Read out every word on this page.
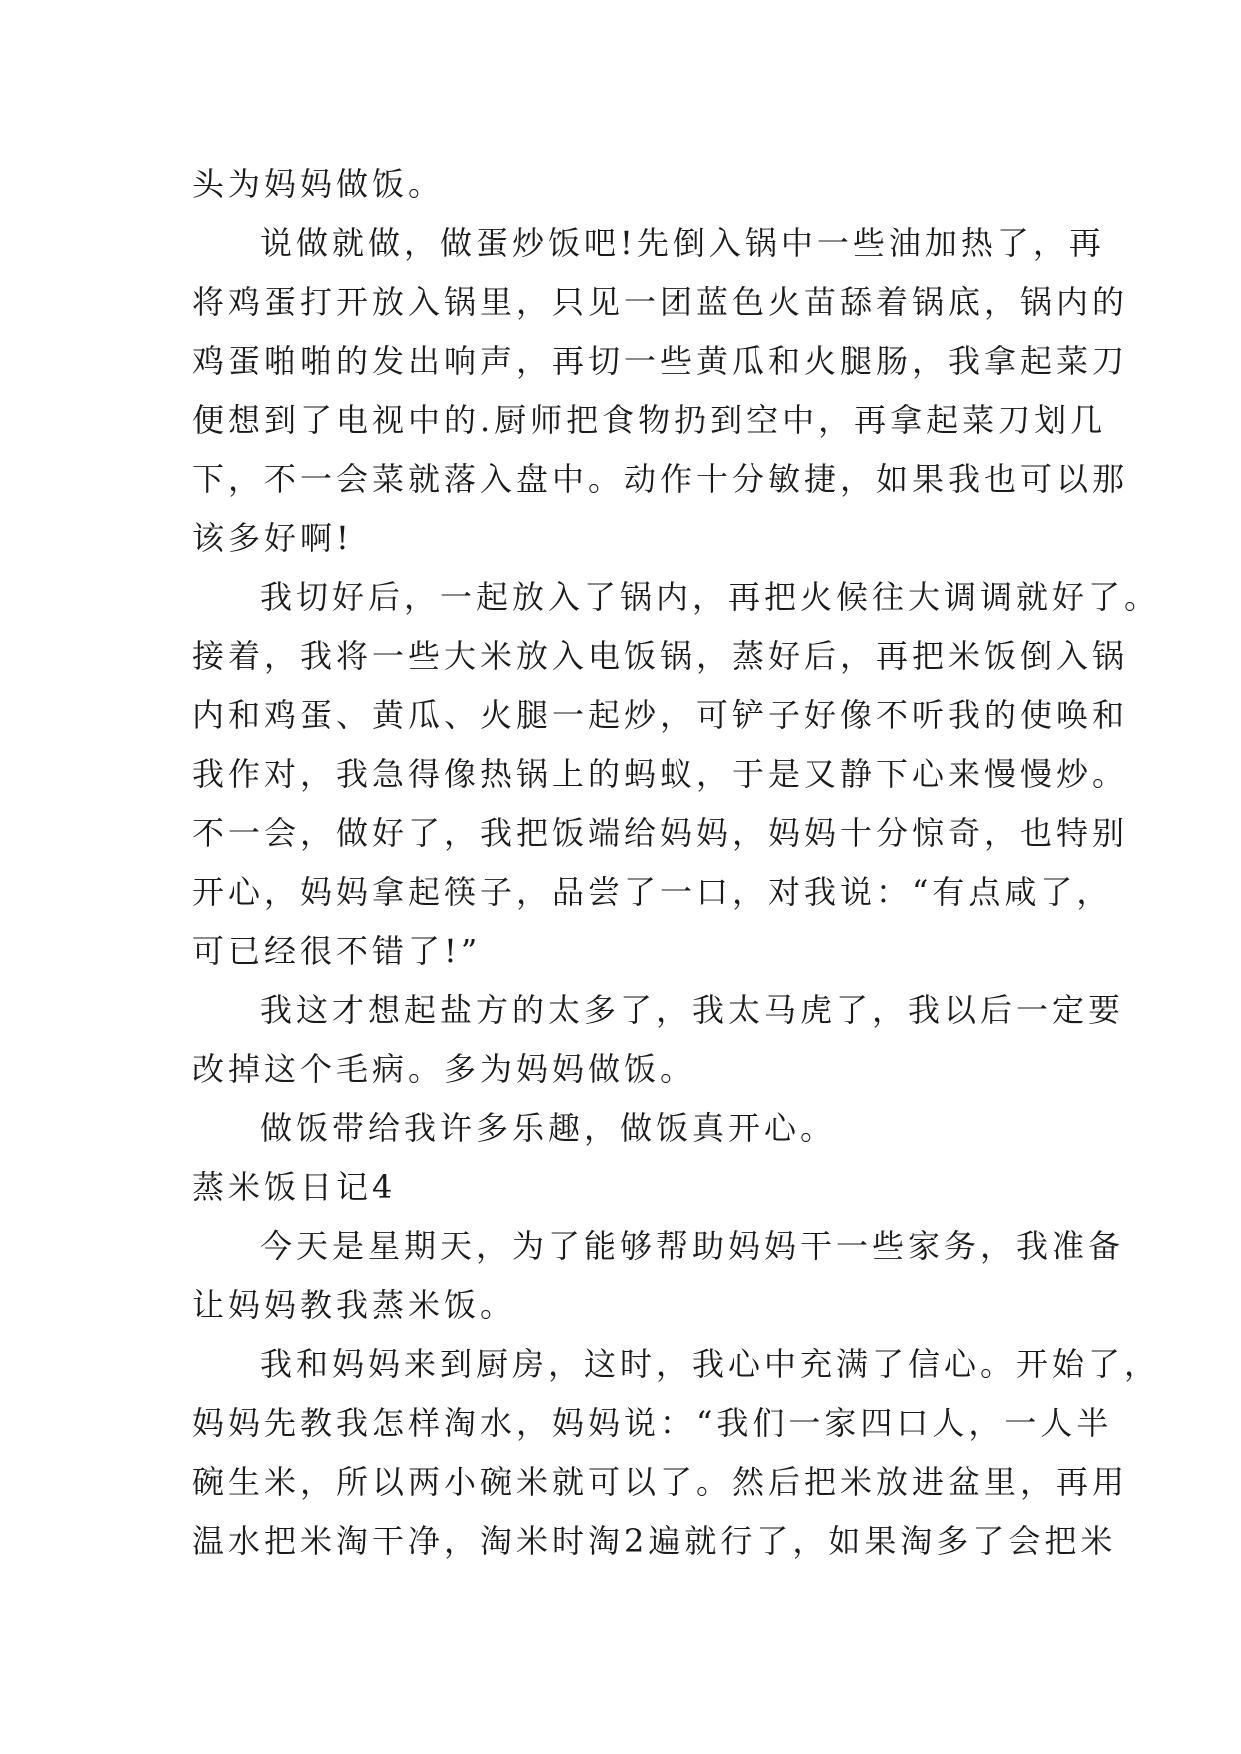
头为妈妈做饭。
说做就做，做蛋炒饭吧!先倒入锅中一些油加热了，再
将鸡蛋打开放入锅里，只见一团蓝色火苗舔着锅底，锅内的
鸡蛋啪啪的发出响声，再切一些黄瓜和火腿肠，我拿起菜刀
便想到了电视中的.厨师把食物扔到空中，再拿起菜刀划几
下，不一会菜就落入盘中。动作十分敏捷，如果我也可以那
该多好啊!
我切好后，一起放入了锅内，再把火候往大调调就好了。
接着，我将一些大米放入电饭锅，蒸好后，再把米饭倒入锅
内和鸡蛋、黄瓜、火腿一起炒，可铲子好像不听我的使唤和
我作对，我急得像热锅上的蚂蚁，于是又静下心来慢慢炒。
不一会，做好了，我把饭端给妈妈，妈妈十分惊奇，也特别
开心，妈妈拿起筷子，品尝了一口，对我说：“有点咸了，
可已经很不错了!”
我这才想起盐方的太多了，我太马虎了，我以后一定要
改掉这个毛病。多为妈妈做饭。
做饭带给我许多乐趣，做饭真开心。
蒸米饭日记4
今天是星期天，为了能够帮助妈妈干一些家务，我准备
让妈妈教我蒸米饭。
我和妈妈来到厨房，这时，我心中充满了信心。开始了，
妈妈先教我怎样淘水，妈妈说：“我们一家四口人，一人半
碗生米，所以两小碗米就可以了。然后把米放进盆里，再用
温水把米淘干净，淘米时淘2遍就行了，如果淘多了会把米
